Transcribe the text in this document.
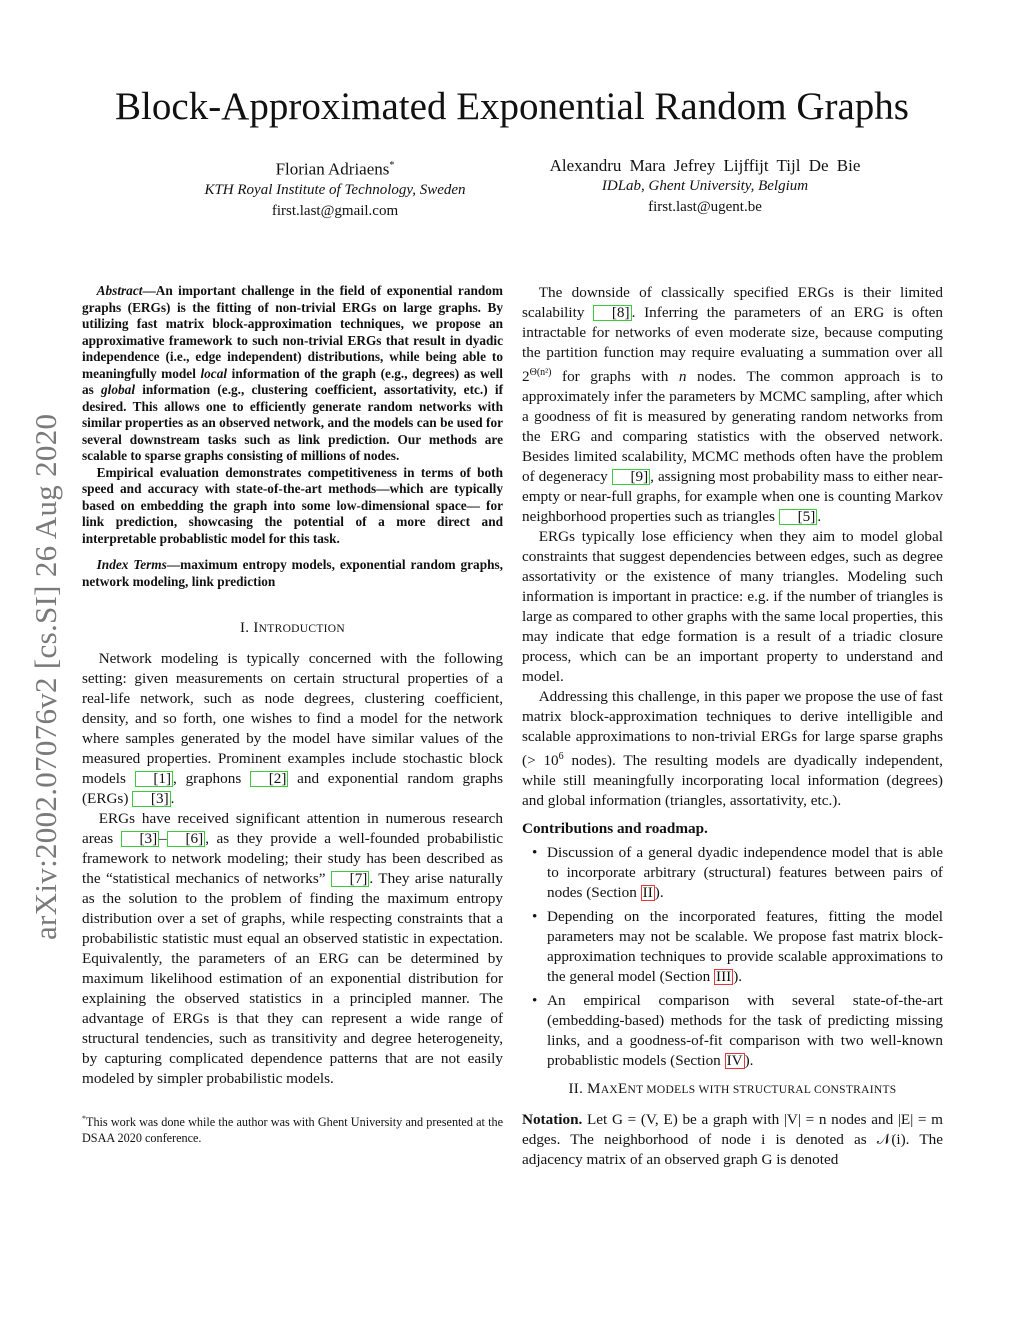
Block-Approximated Exponential Random Graphs
Florian Adriaens*
KTH Royal Institute of Technology, Sweden
first.last@gmail.com
Alexandru Mara Jefrey Lijffijt Tijl De Bie
IDLab, Ghent University, Belgium
first.last@ugent.be
arXiv:2002.07076v2 [cs.SI] 26 Aug 2020

Abstract—An important challenge in the field of exponential random graphs (ERGs) is the fitting of non-trivial ERGs on large graphs. By utilizing fast matrix block-approximation techniques, we propose an approximative framework to such non-trivial ERGs that result in dyadic independence (i.e., edge independent) distributions, while being able to meaningfully model local information of the graph (e.g., degrees) as well as global information (e.g., clustering coefficient, assortativity, etc.) if desired. This allows one to efficiently generate random networks with similar properties as an observed network, and the models can be used for several downstream tasks such as link prediction. Our methods are scalable to sparse graphs consisting of millions of nodes.

Empirical evaluation demonstrates competitiveness in terms of both speed and accuracy with state-of-the-art methods—which are typically based on embedding the graph into some low-dimensional space— for link prediction, showcasing the potential of a more direct and interpretable probablistic model for this task.

Index Terms—maximum entropy models, exponential random graphs, network modeling, link prediction

I. INTRODUCTION

Network modeling is typically concerned with the following setting: given measurements on certain structural properties of a real-life network, such as node degrees, clustering coefficient, density, and so forth, one wishes to find a model for the network where samples generated by the model have similar values of the measured properties. Prominent examples include stochastic block models [1] , graphons [2] and exponential random graphs (ERGs) [3] .

ERGs have received significant attention in numerous research areas [3] – [6] , as they provide a well-founded probabilistic framework to network modeling; their study has been described as the “statistical mechanics of networks” [7] . They arise naturally as the solution to the problem of finding the maximum entropy distribution over a set of graphs, while respecting constraints that a probabilistic statistic must equal an observed statistic in expectation. Equivalently, the parameters of an ERG can be determined by maximum likelihood estimation of an exponential distribution for explaining the observed statistics in a principled manner. The advantage of ERGs is that they can represent a wide range of structural tendencies, such as transitivity and degree heterogeneity, by capturing complicated dependence patterns that are not easily modeled by simpler probabilistic models.

*This work was done while the author was with Ghent University and presented at the DSAA 2020 conference.

The downside of classically specified ERGs is their limited scalability [8] . Inferring the parameters of an ERG is often intractable for networks of even moderate size, because computing the partition function may require evaluating a summation over all $2^{\Theta(n^2)}$ for graphs with n nodes. The common approach is to approximately infer the parameters by MCMC sampling, after which a goodness of fit is measured by generating random networks from the ERG and comparing statistics with the observed network. Besides limited scalability, MCMC methods often have the problem of degeneracy [9] , assigning most probability mass to either near-empty or near-full graphs, for example when one is counting Markov neighborhood properties such as triangles [5] .

ERGs typically lose efficiency when they aim to model global constraints that suggest dependencies between edges, such as degree assortativity or the existence of many triangles. Modeling such information is important in practice: e.g. if the number of triangles is large as compared to other graphs with the same local properties, this may indicate that edge formation is a result of a triadic closure process, which can be an important property to understand and model.

Addressing this challenge, in this paper we propose the use of fast matrix block-approximation techniques to derive intelligible and scalable approximations to non-trivial ERGs for large sparse graphs (> $10^6$ nodes). The resulting models are dyadically independent, while still meaningfully incorporating local information (degrees) and global information (triangles, assortativity, etc.).

Contributions and roadmap.

• Discussion of a general dyadic independence model that is able to incorporate arbitrary (structural) features between pairs of nodes (Section II ).
• Depending on the incorporated features, fitting the model parameters may not be scalable. We propose fast matrix block-approximation techniques to provide scalable approximations to the general model (Section III ).
• An empirical comparison with several state-of-the-art (embedding-based) methods for the task of predicting missing links, and a goodness-of-fit comparison with two well-known probablistic models (Section IV ).
II. MAXENT MODELS WITH STRUCTURAL CONSTRAINTS

Notation. Let G = (V, E) be a graph with |V| = n nodes and |E| = m edges. The neighborhood of node i is denoted as 𝒩(i). The adjacency matrix of an observed graph G is denoted
